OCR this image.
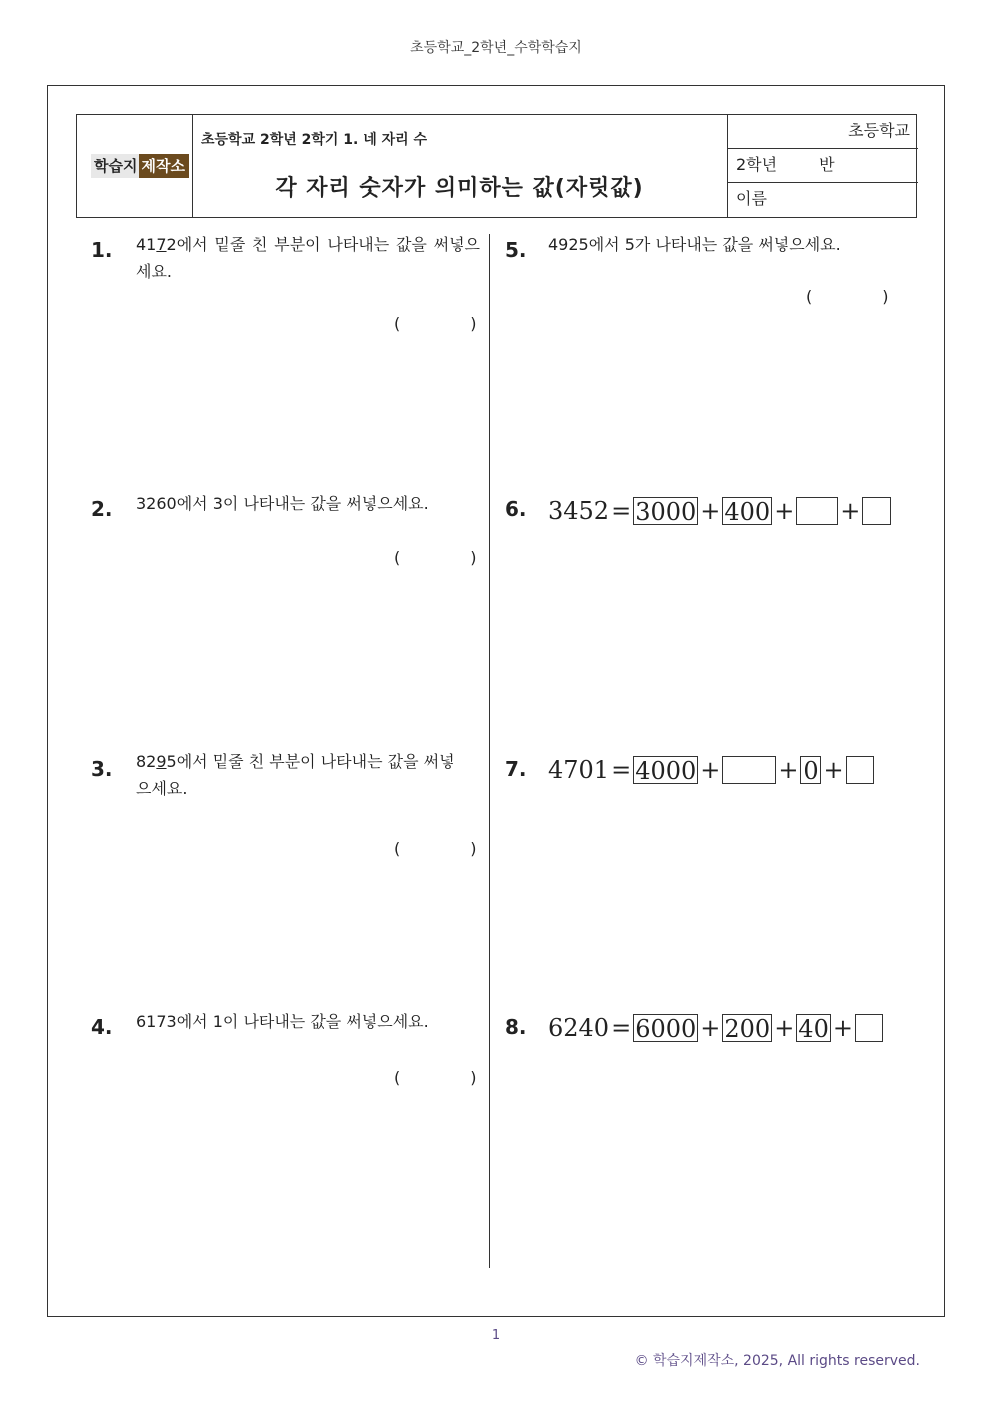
초등학교_2학년_수학학습지
학습지 제작소
초등학교 2학년 2학기 1. 네 자리 수
각 자리 숫자가 의미하는 값(자릿값)
초등학교
2학년	반
이름
1. 4172에서 밑줄 친 부분이 나타내는 값을 써넣으세요.
(	)
2. 3260에서 3이 나타내는 값을 써넣으세요.
(	)
3. 8295에서 밑줄 친 부분이 나타내는 값을 써넣으세요.
(	)
4. 6173에서 1이 나타내는 값을 써넣으세요.
(	)
5. 4925에서 5가 나타내는 값을 써넣으세요.
(	)
6. 3452 = 3000 + 400 + +
7. 4701 = 4000 + + 0 +
8. 6240 = 6000 + 200 + 40 +
1
© 학습지제작소, 2025, All rights reserved.
